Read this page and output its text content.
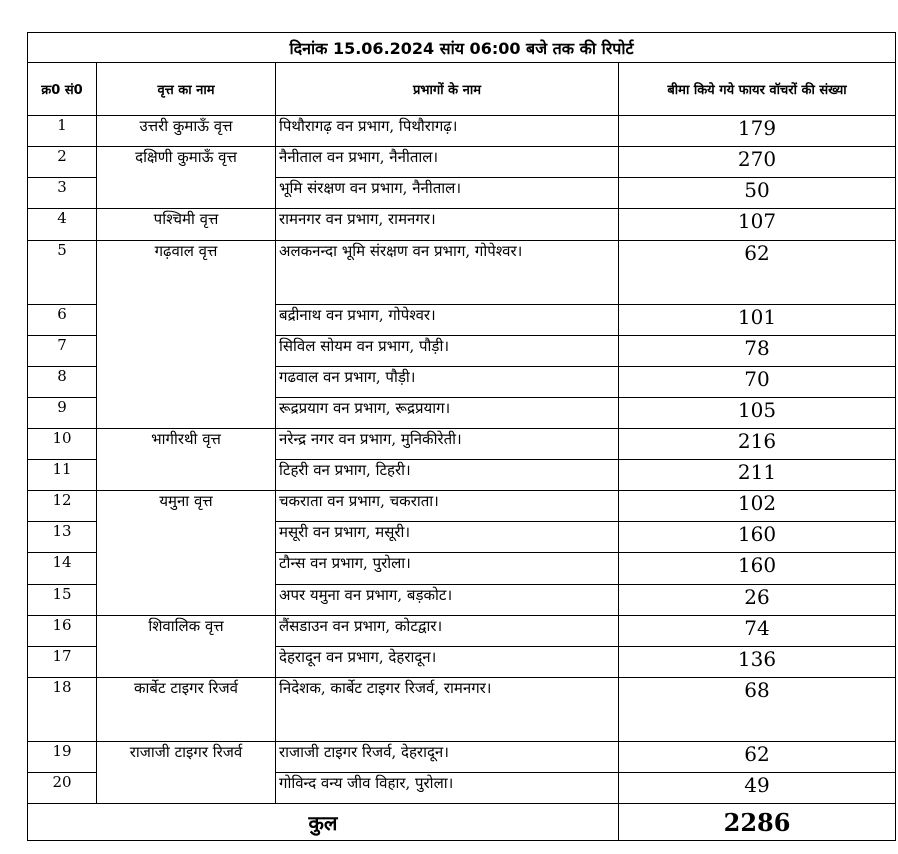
दिनांक 15.06.2024 सांय 06:00 बजे तक की रिपोर्ट			
क्र0 सं0	वृत्त का नाम	प्रभागों के नाम	बीमा किये गये फायर वॉचरों की संख्या
1	उत्तरी कुमाऊँ वृत्त	पिथौरागढ़ वन प्रभाग, पिथौरागढ़।	179
2	दक्षिणी कुमाऊँ वृत्त	नैनीताल वन प्रभाग, नैनीताल।	270
3		भूमि संरक्षण वन प्रभाग, नैनीताल।	50
4	पश्चिमी वृत्त	रामनगर वन प्रभाग, रामनगर।	107
5	गढ़वाल वृत्त	अलकनन्दा भूमि संरक्षण वन प्रभाग, गोपेश्वर।	62
6		बद्रीनाथ वन प्रभाग, गोपेश्वर।	101
7		सिविल सोयम वन प्रभाग, पौड़ी।	78
8		गढवाल वन प्रभाग, पौड़ी।	70
9		रूद्रप्रयाग वन प्रभाग, रूद्रप्रयाग।	105
10	भागीरथी वृत्त	नरेन्द्र नगर वन प्रभाग, मुनिकीरेती।	216
11		टिहरी वन प्रभाग, टिहरी।	211
12	यमुना वृत्त	चकराता वन प्रभाग, चकराता।	102
13		मसूरी वन प्रभाग, मसूरी।	160
14		टौन्स वन प्रभाग, पुरोला।	160
15		अपर यमुना वन प्रभाग, बड़कोट।	26
16	शिवालिक वृत्त	लैंसडाउन वन प्रभाग, कोटद्वार।	74
17		देहरादून वन प्रभाग, देहरादून।	136
18	कार्बेट टाइगर रिजर्व	निदेशक, कार्बेट टाइगर रिजर्व, रामनगर।	68
19	राजाजी टाइगर रिजर्व	राजाजी टाइगर रिजर्व, देहरादून।	62
20		गोविन्द वन्य जीव विहार, पुरोला।	49
कुल			2286
